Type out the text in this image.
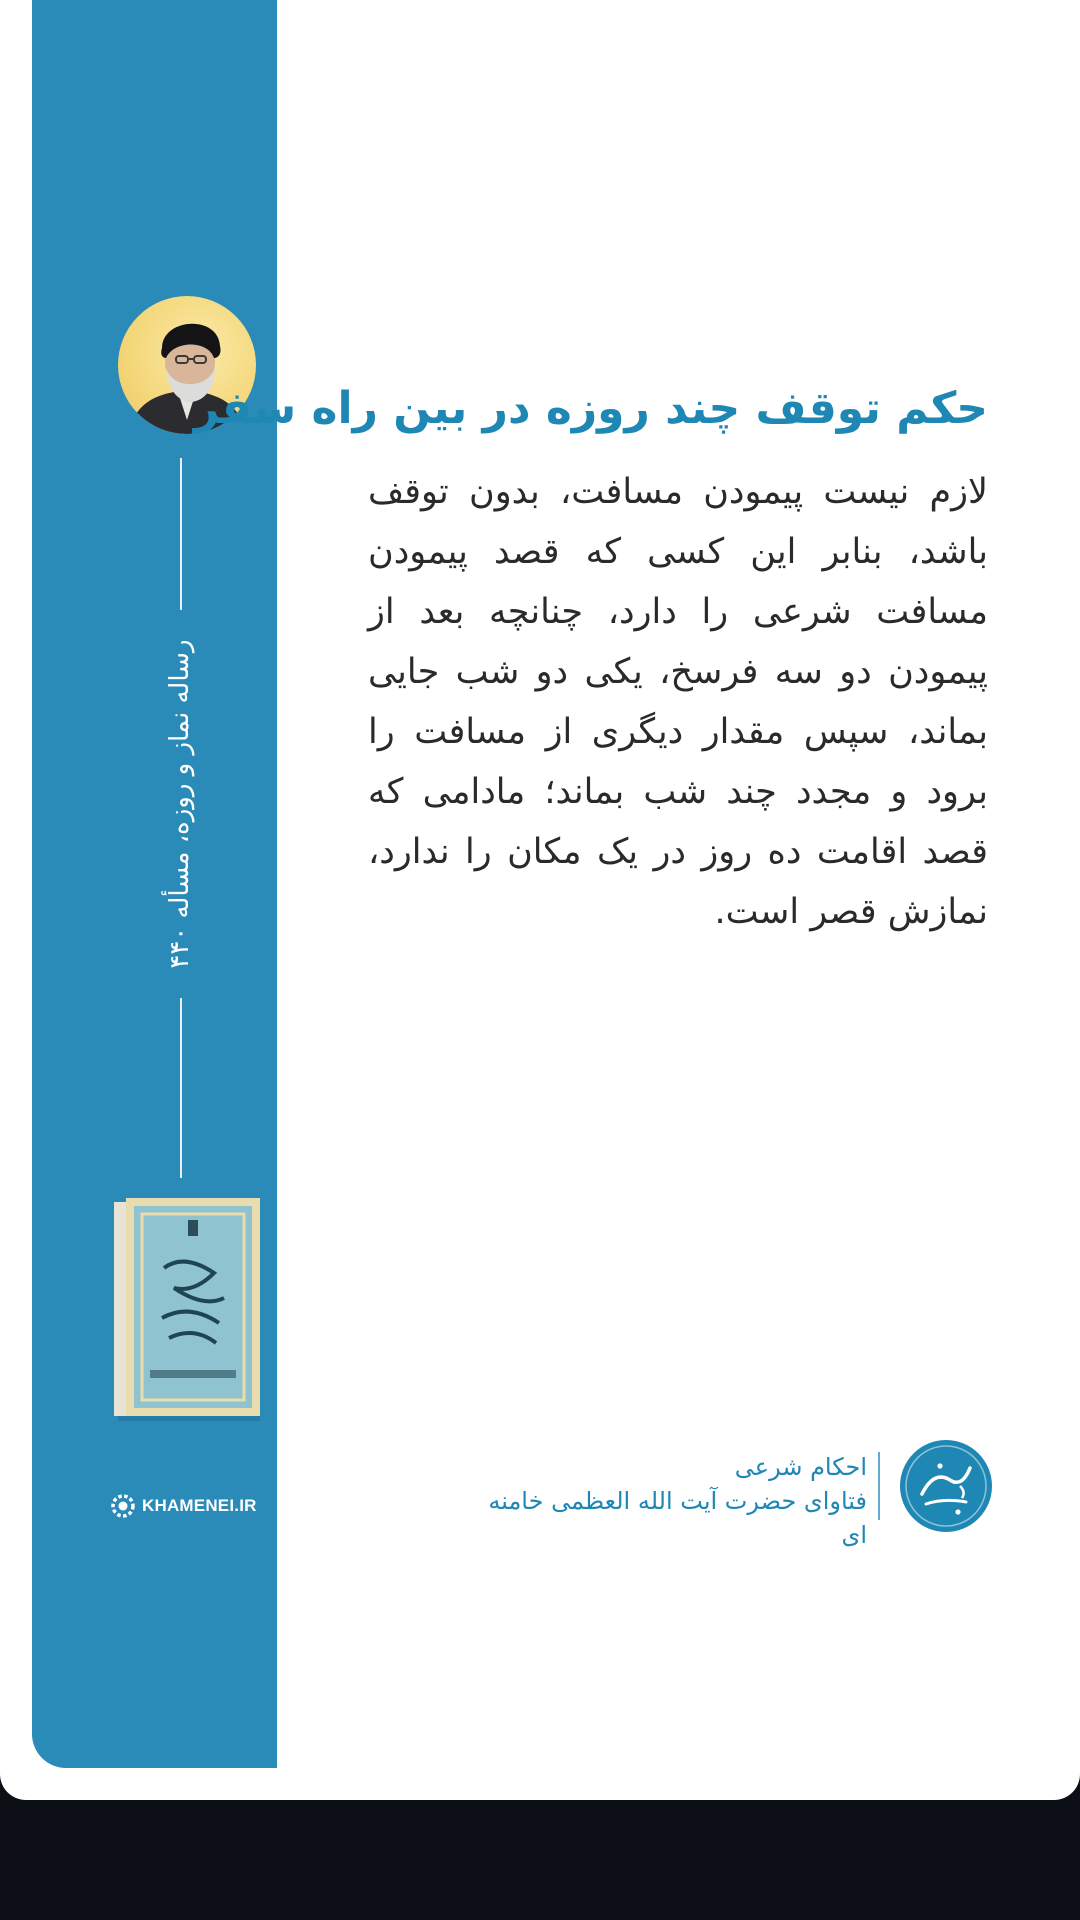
رساله نماز و روزه، مسأله ۴۴۰
KHAMENEI.IR
حکم توقف چند روزه در بین راه سفر

لازم نیست پیمودن مسافت، بدون توقف باشد، بنابر این کسی که قصد پیمودن مسافت شرعی را دارد، چنانچه بعد از پیمودن دو سه فرسخ، یکی دو شب جایی بماند، سپس مقدار دیگری از مسافت را برود و مجدد چند شب بماند؛ مادامی که قصد اقامت ده روز در یک مکان را ندارد، نمازش قصر است.

احکام شرعی
فتاوای حضرت آیت الله العظمی خامنه ای
